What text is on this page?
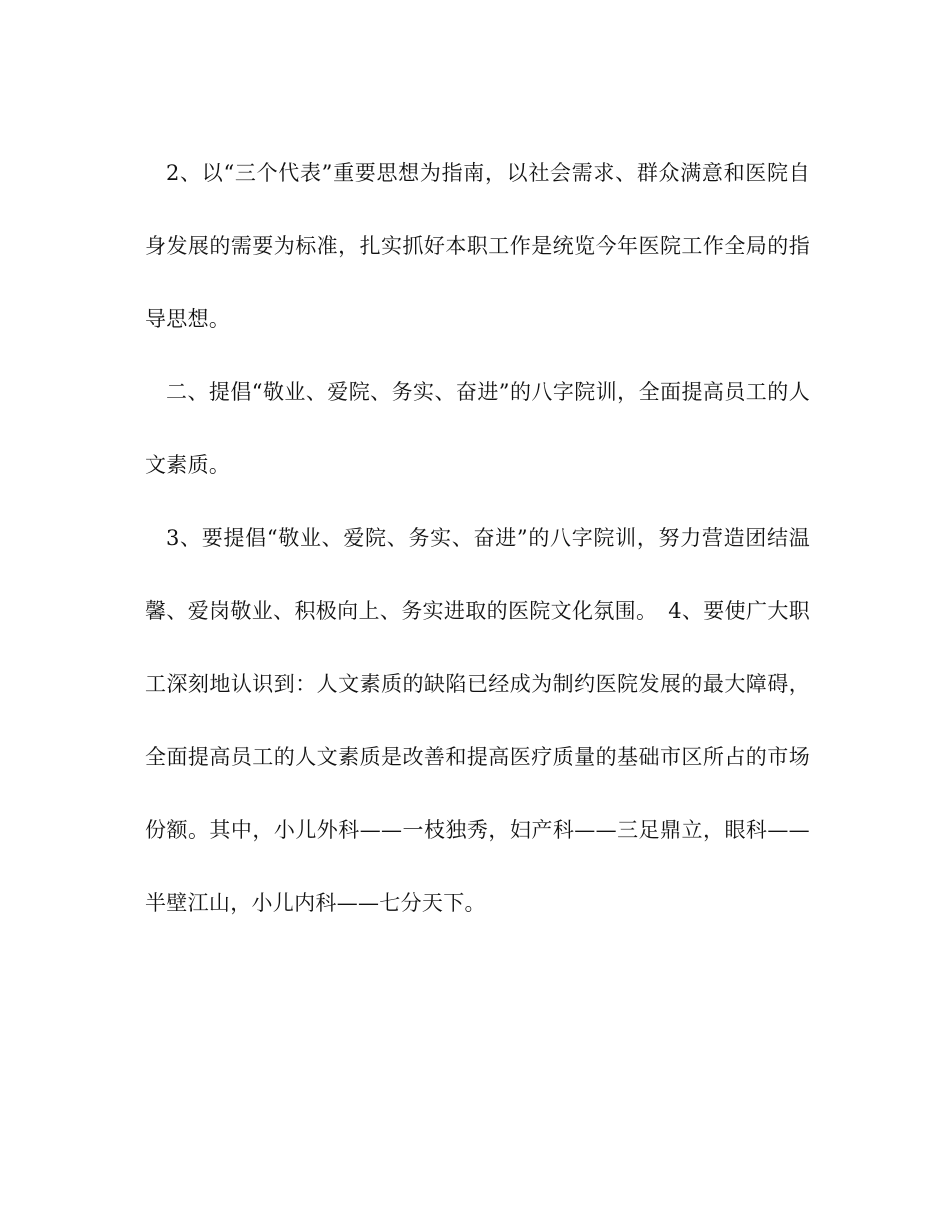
2、以“三个代表”重要思想为指南，以社会需求、群众满意和医院自身发展的需要为标准，扎实抓好本职工作是统览今年医院工作全局的指导思想。

二、提倡“敬业、爱院、务实、奋进”的八字院训，全面提高员工的人文素质。

3、要提倡“敬业、爱院、务实、奋进”的八字院训，努力营造团结温馨、爱岗敬业、积极向上、务实进取的医院文化氛围。　4、要使广大职工深刻地认识到：人文素质的缺陷已经成为制约医院发展的最大障碍，全面提高员工的人文素质是改善和提高医疗质量的基础市区所占的市场份额。其中，小儿外科——一枝独秀，妇产科——三足鼎立，眼科——半壁江山，小儿内科——七分天下。
